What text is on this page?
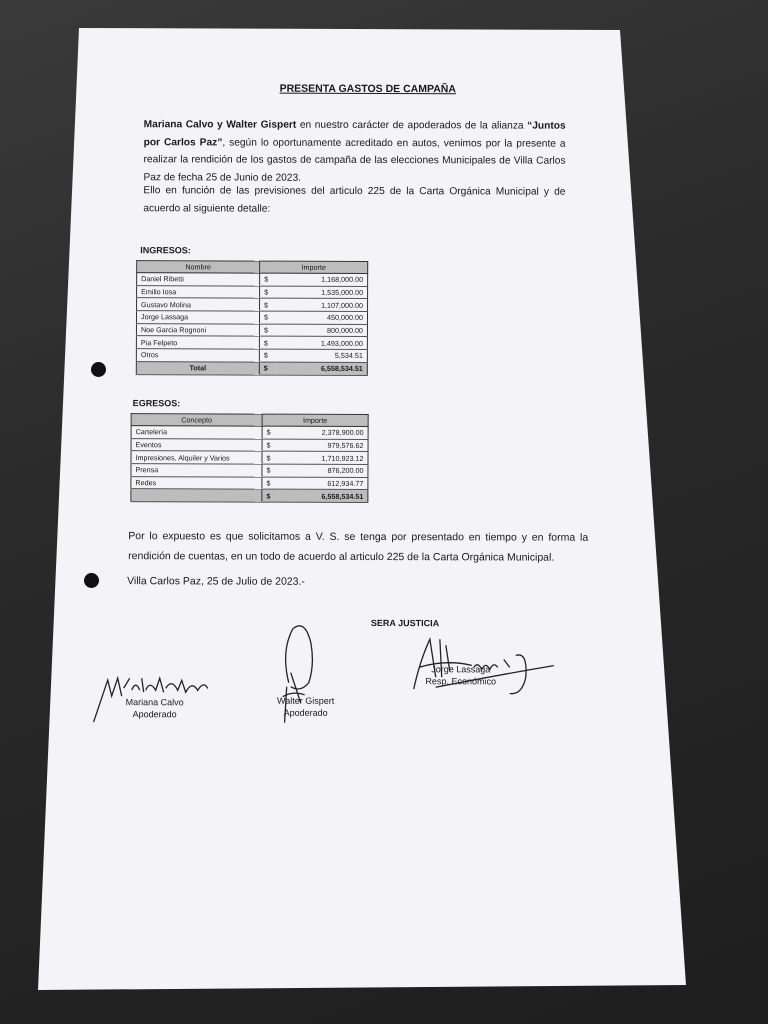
PRESENTA GASTOS DE CAMPAÑA
Mariana Calvo y Walter Gispert en nuestro carácter de apoderados de la alianza “Juntos por Carlos Paz”, según lo oportunamente acreditado en autos, venimos por la presente a realizar la rendición de los gastos de campaña de las elecciones Municipales de Villa Carlos Paz de fecha 25 de Junio de 2023.
Ello en función de las previsiones del articulo 225 de la Carta Orgánica Municipal y de acuerdo al siguiente detalle:
INGRESOS:
Nombre	Importe	
Daniel Ribetti	$	1,168,000.00
Emilio Iosa	$	1,535,000.00
Gustavo Molina	$	1,107,000.00
Jorge Lassaga	$	450,000.00
Noe Garcia Rognoni	$	800,000.00
Pia Felpeto	$	1,493,000.00
Otros	$	5,534.51
Total	$	6,558,534.51
EGRESOS:
Concepto	Importe	
Cartelería	$	2,378,900.00
Eventos	$	979,576.62
Impresiones, Alquiler y Varios	$	1,710,923.12
Prensa	$	876,200.00
Redes	$	612,934.77
	$	6,558,534.51
Por lo expuesto es que solicitamos a V. S. se tenga por presentado en tiempo y en forma la rendición de cuentas, en un todo de acuerdo al articulo 225 de la Carta Orgánica Municipal.
Villa Carlos Paz, 25 de Julio de 2023.-
SERA JUSTICIA
Mariana Calvo
Apoderado
Walter Gispert
Apoderado
Jorge Lassaga
Resp. Económico
